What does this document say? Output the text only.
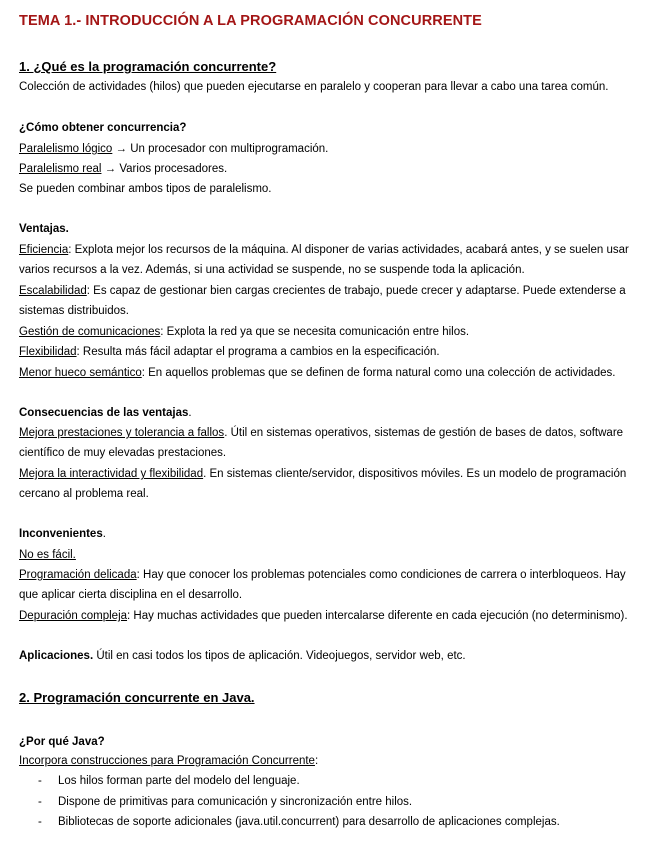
TEMA 1.- INTRODUCCIÓN A LA PROGRAMACIÓN CONCURRENTE
1. ¿Qué es la programación concurrente?
Colección de actividades (hilos) que pueden ejecutarse en paralelo y cooperan para llevar a cabo una tarea común.
¿Cómo obtener concurrencia?
Paralelismo lógico → Un procesador con multiprogramación.
Paralelismo real → Varios procesadores.
Se pueden combinar ambos tipos de paralelismo.
Ventajas.
Eficiencia: Explota mejor los recursos de la máquina. Al disponer de varias actividades, acabará antes, y se suelen usar varios recursos a la vez. Además, si una actividad se suspende, no se suspende toda la aplicación.
Escalabilidad: Es capaz de gestionar bien cargas crecientes de trabajo, puede crecer y adaptarse. Puede extenderse a sistemas distribuidos.
Gestión de comunicaciones: Explota la red ya que se necesita comunicación entre hilos.
Flexibilidad: Resulta más fácil adaptar el programa a cambios en la especificación.
Menor hueco semántico: En aquellos problemas que se definen de forma natural como una colección de actividades.
Consecuencias de las ventajas.
Mejora prestaciones y tolerancia a fallos. Útil en sistemas operativos, sistemas de gestión de bases de datos, software científico de muy elevadas prestaciones.
Mejora la interactividad y flexibilidad. En sistemas cliente/servidor, dispositivos móviles. Es un modelo de programación cercano al problema real.
Inconvenientes.
No es fácil.
Programación delicada: Hay que conocer los problemas potenciales como condiciones de carrera o interbloqueos. Hay que aplicar cierta disciplina en el desarrollo.
Depuración compleja: Hay muchas actividades que pueden intercalarse diferente en cada ejecución (no determinismo).
Aplicaciones. Útil en casi todos los tipos de aplicación. Videojuegos, servidor web, etc.
2. Programación concurrente en Java.
¿Por qué Java?
Incorpora construcciones para Programación Concurrente:
- Los hilos forman parte del modelo del lenguaje.
- Dispone de primitivas para comunicación y sincronización entre hilos.
- Bibliotecas de soporte adicionales (java.util.concurrent) para desarrollo de aplicaciones complejas.
